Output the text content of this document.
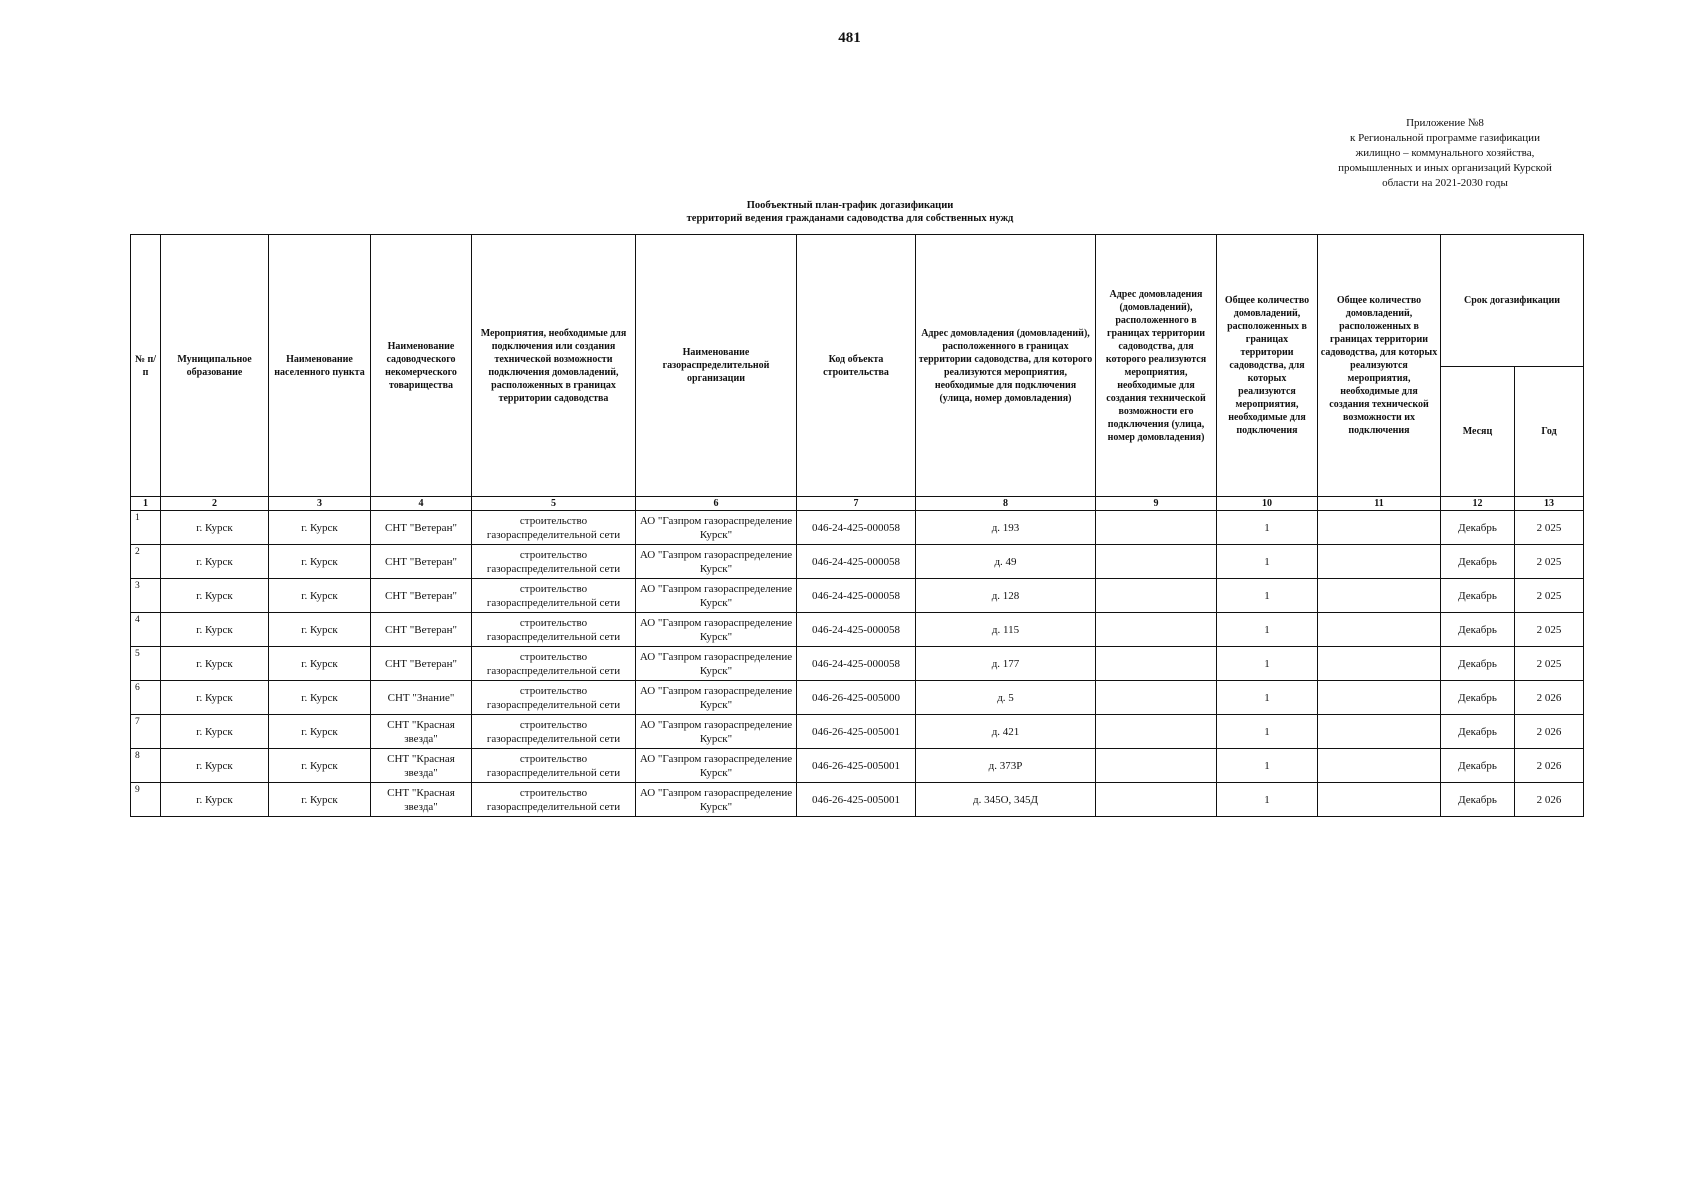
481
Приложение №8
к Региональной программе газификации
жилищно – коммунального хозяйства,
промышленных и иных организаций Курской
области на 2021-2030 годы
Пообъектный план-график догазификации
территорий ведения гражданами садоводства для собственных нужд
№ п/п	Муниципальное образование	Наименование населенного пункта	Наименование садоводческого некомерческого товарищества	Мероприятия, необходимые для подключения или создания технической возможности подключения домовладений, расположенных в границах территории садоводства	Наименование газораспределительной организации	Код объекта строительства	Адрес домовладения (домовладений), расположенного в границах территории садоводства, для которого реализуются мероприятия, необходимые для подключения (улица, номер домовладения)	Адрес домовладения (домовладений), расположенного в границах территории садоводства, для которого реализуются мероприятия, необходимые для создания технической возможности его подключения (улица, номер домовладения)	Общее количество домовладений, расположенных в границах территории садоводства, для которых реализуются мероприятия, необходимые для подключения	Общее количество домовладений, расположенных в границах территории садоводства, для которых реализуются мероприятия, необходимые для создания технической возможности их подключения	Срок догазификации	
											Месяц	Год
1	2	3	4	5	6	7	8	9	10	11	12	13
1	г. Курск	г. Курск	СНТ "Ветеран"	строительство газораспределительной сети	АО "Газпром газораспределение Курск"	046-24-425-000058	д. 193		1		Декабрь	2 025
2	г. Курск	г. Курск	СНТ "Ветеран"	строительство газораспределительной сети	АО "Газпром газораспределение Курск"	046-24-425-000058	д. 49		1		Декабрь	2 025
3	г. Курск	г. Курск	СНТ "Ветеран"	строительство газораспределительной сети	АО "Газпром газораспределение Курск"	046-24-425-000058	д. 128		1		Декабрь	2 025
4	г. Курск	г. Курск	СНТ "Ветеран"	строительство газораспределительной сети	АО "Газпром газораспределение Курск"	046-24-425-000058	д. 115		1		Декабрь	2 025
5	г. Курск	г. Курск	СНТ "Ветеран"	строительство газораспределительной сети	АО "Газпром газораспределение Курск"	046-24-425-000058	д. 177		1		Декабрь	2 025
6	г. Курск	г. Курск	СНТ "Знание"	строительство газораспределительной сети	АО "Газпром газораспределение Курск"	046-26-425-005000	д. 5		1		Декабрь	2 026
7	г. Курск	г. Курск	СНТ "Красная звезда"	строительство газораспределительной сети	АО "Газпром газораспределение Курск"	046-26-425-005001	д. 421		1		Декабрь	2 026
8	г. Курск	г. Курск	СНТ "Красная звезда"	строительство газораспределительной сети	АО "Газпром газораспределение Курск"	046-26-425-005001	д. 373Р		1		Декабрь	2 026
9	г. Курск	г. Курск	СНТ "Красная звезда"	строительство газораспределительной сети	АО "Газпром газораспределение Курск"	046-26-425-005001	д. 345О, 345Д		1		Декабрь	2 026
